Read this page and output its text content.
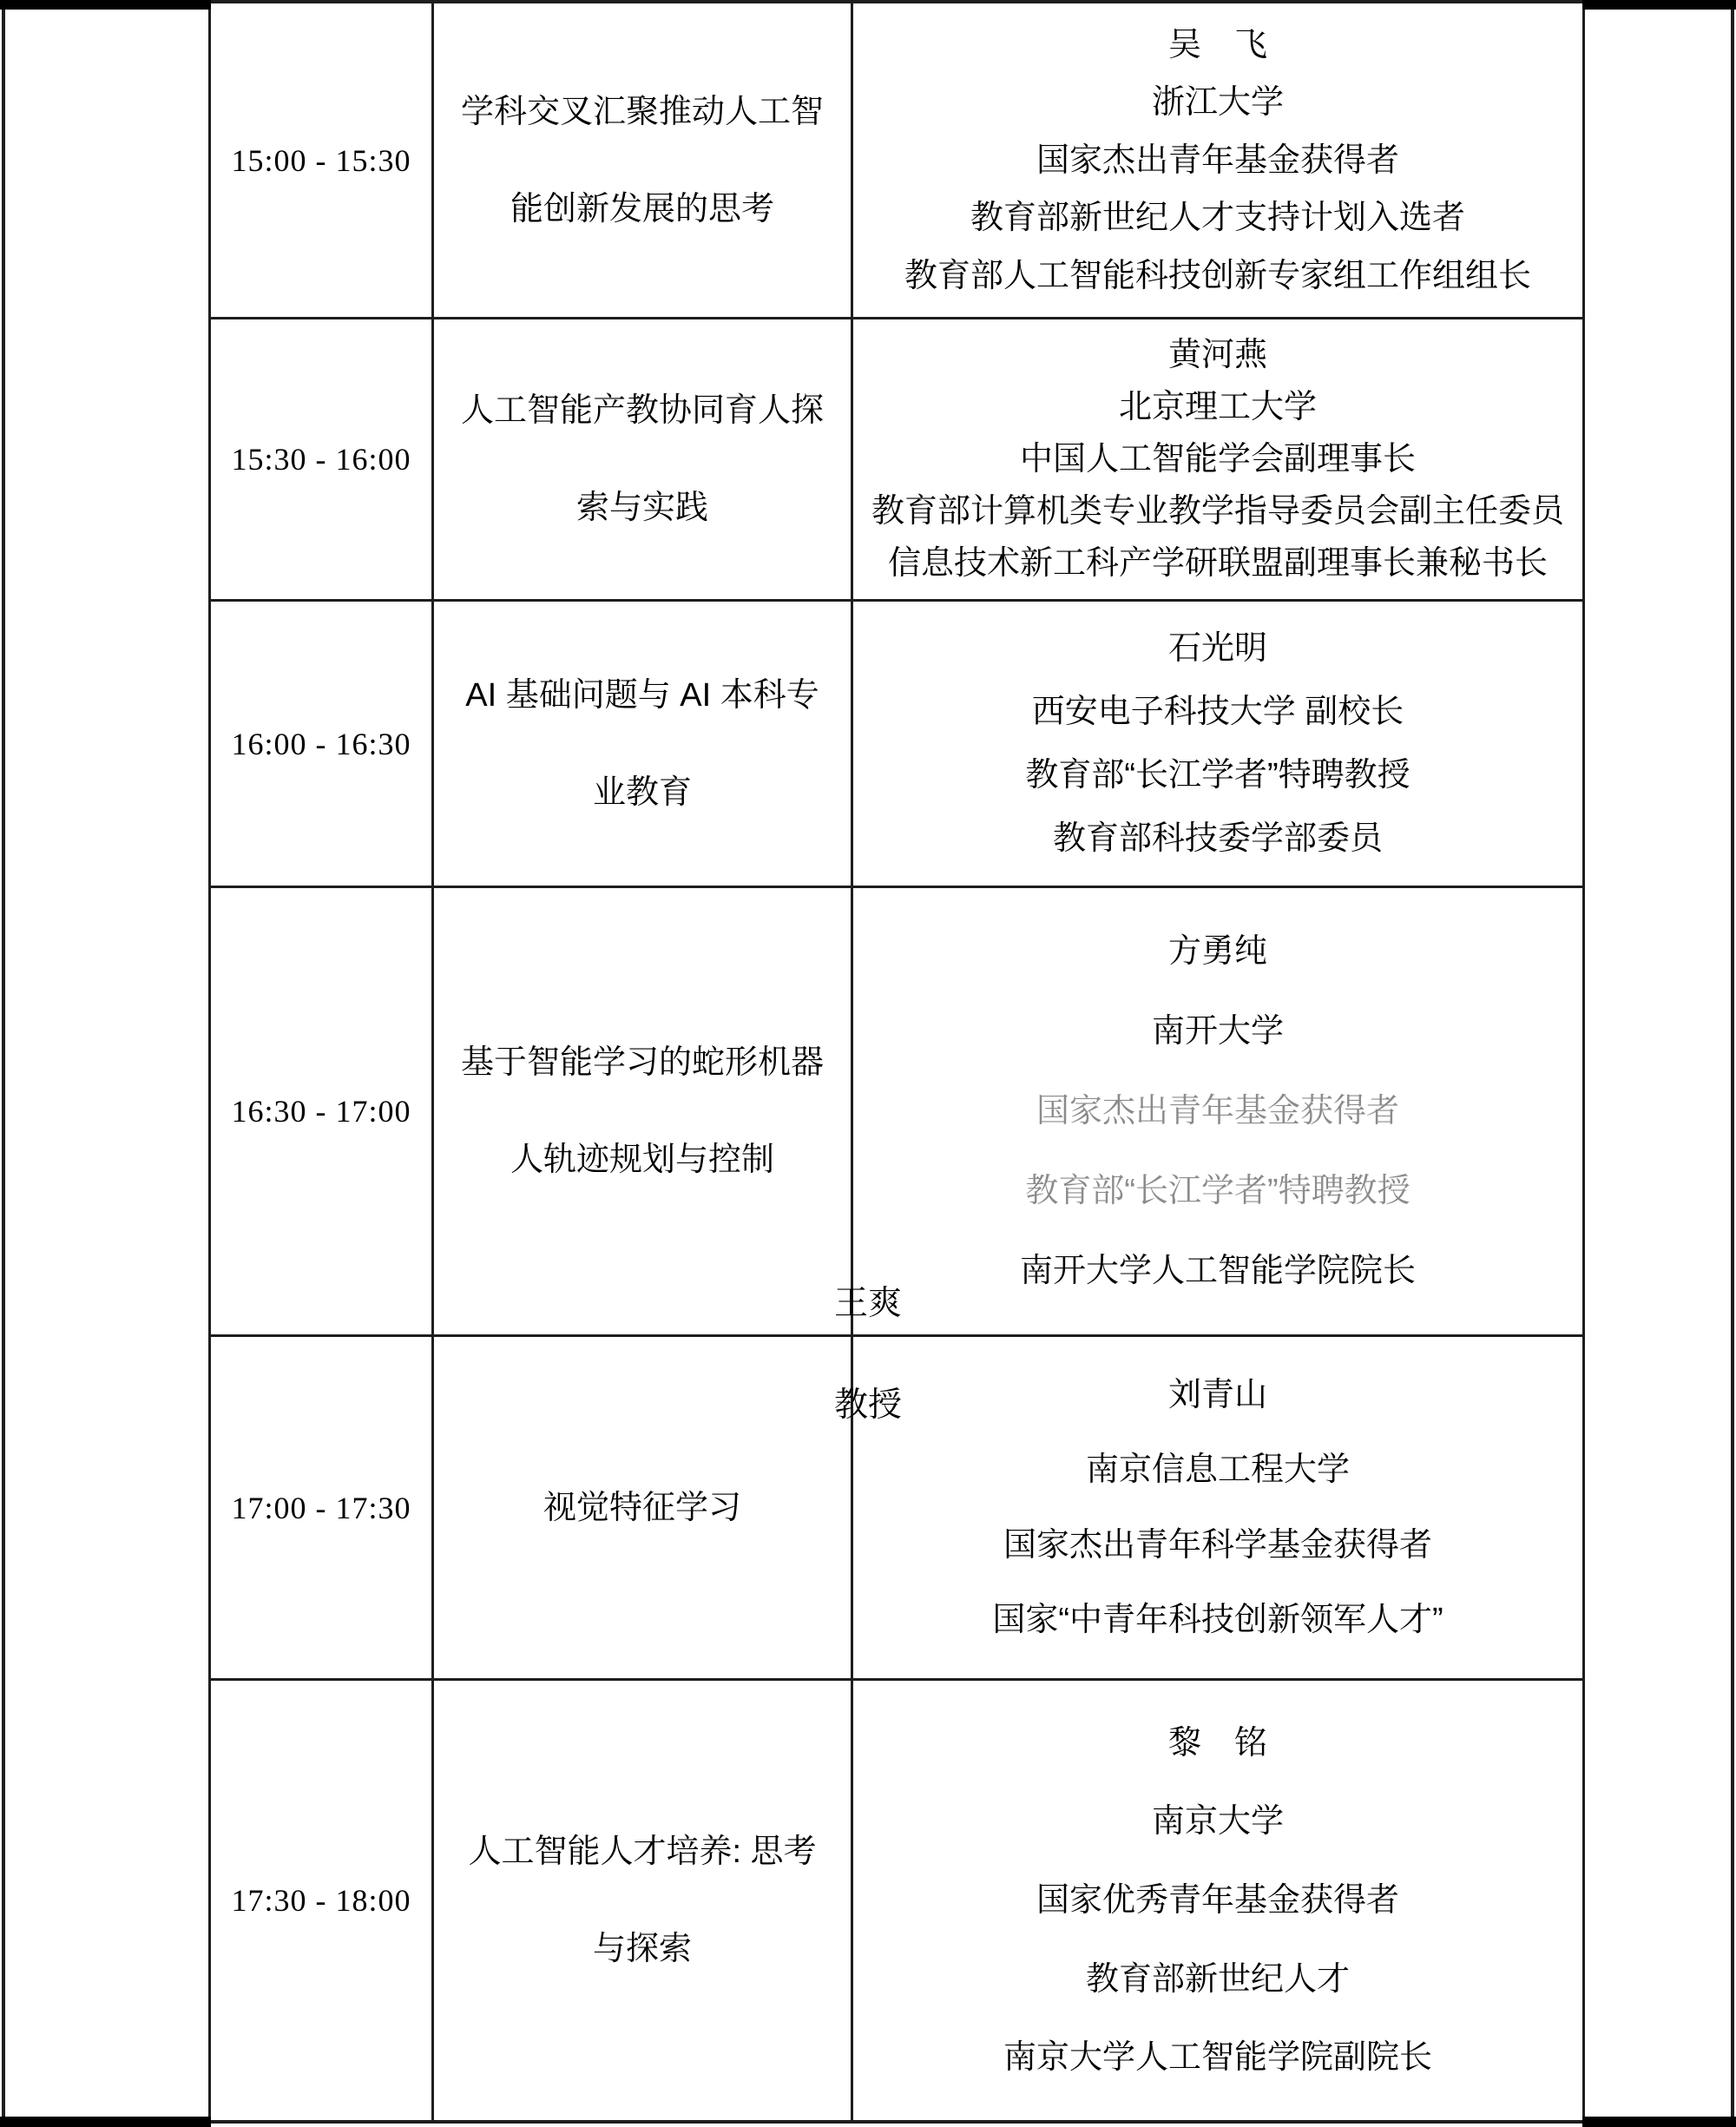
15:00 - 15:30
学科交叉汇聚推动人工智
能创新发展的思考
吴　飞
浙江大学
国家杰出青年基金获得者
教育部新世纪人才支持计划入选者
教育部人工智能科技创新专家组工作组组长
15:30 - 16:00
人工智能产教协同育人探
索与实践
黄河燕
北京理工大学
中国人工智能学会副理事长
教育部计算机类专业教学指导委员会副主任委员
信息技术新工科产学研联盟副理事长兼秘书长
16:00 - 16:30
AI 基础问题与 AI 本科专
业教育
石光明
西安电子科技大学 副校长
教育部“长江学者”特聘教授
教育部科技委学部委员
16:30 - 17:00
基于智能学习的蛇形机器
人轨迹规划与控制
方勇纯
南开大学
国家杰出青年基金获得者
教育部“长江学者”特聘教授
南开大学人工智能学院院长
17:00 - 17:30	视觉特征学习
刘青山
南京信息工程大学
国家杰出青年科学基金获得者
国家“中青年科技创新领军人才”
17:30 - 18:00
人工智能人才培养: 思考
与探索
黎　铭
南京大学
国家优秀青年基金获得者
教育部新世纪人才
南京大学人工智能学院副院长
王爽
教授
